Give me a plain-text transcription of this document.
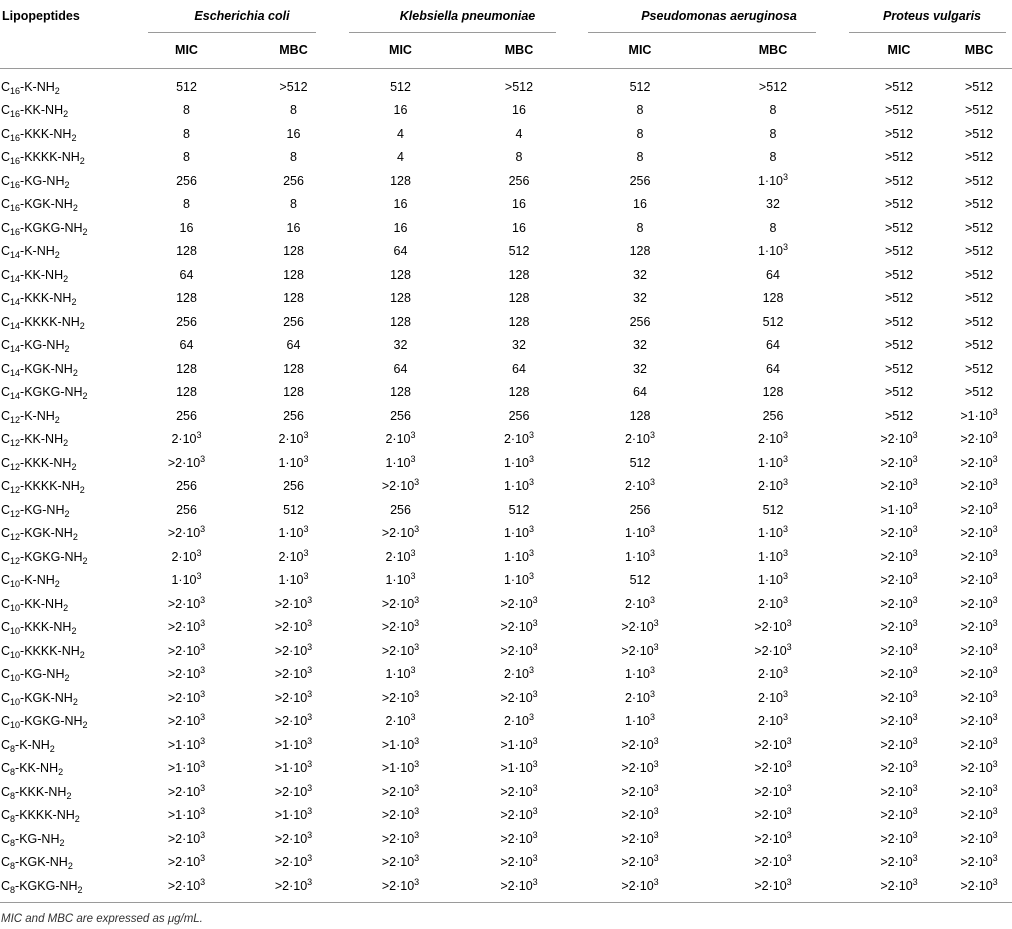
Lipopeptides	Escherichia coli		Klebsiella pneumoniae		Pseudomonas aeruginosa		Proteus vulgaris	
	MIC	MBC	MIC	MBC	MIC	MBC	MIC	MBC
$C_{16}-K-NH_2$	512	>512	512	>512	512	>512	>512	>512
$C_{16}-KK-NH_2$	8	8	16	16	8	8	>512	>512
$C_{16}-KKK-NH_2$	8	16	4	4	8	8	>512	>512
$C_{16}-KKKK-NH_2$	8	8	4	8	8	8	>512	>512
$C_{16}-KG-NH_2$	256	256	128	256	256	$1\cdot 10^3$	>512	>512
$C_{16}-KGK-NH_2$	8	8	16	16	16	32	>512	>512
$C_{16}-KGKG-NH_2$	16	16	16	16	8	8	>512	>512
$C_{14}-K-NH_2$	128	128	64	512	128	$1\cdot 10^3$	>512	>512
$C_{14}-KK-NH_2$	64	128	128	128	32	64	>512	>512
$C_{14}-KKK-NH_2$	128	128	128	128	32	128	>512	>512
$C_{14}-KKKK-NH_2$	256	256	128	128	256	512	>512	>512
$C_{14}-KG-NH_2$	64	64	32	32	32	64	>512	>512
$C_{14}-KGK-NH_2$	128	128	64	64	32	64	>512	>512
$C_{14}-KGKG-NH_2$	128	128	128	128	64	128	>512	>512
$C_{12}-K-NH_2$	256	256	256	256	128	256	>512	$>1\cdot 10^3$
$C_{12}-KK-NH_2$	$2\cdot 10^3$	$2\cdot 10^3$	$2\cdot 10^3$	$2\cdot 10^3$	$2\cdot 10^3$	$2\cdot 10^3$	$>2\cdot 10^3$	$>2\cdot 10^3$
$C_{12}-KKK-NH_2$	$>2\cdot 10^3$	$1\cdot 10^3$	$1\cdot 10^3$	$1\cdot 10^3$	512	$1\cdot 10^3$	$>2\cdot 10^3$	$>2\cdot 10^3$
$C_{12}-KKKK-NH_2$	256	256	$>2\cdot 10^3$	$1\cdot 10^3$	$2\cdot 10^3$	$2\cdot 10^3$	$>2\cdot 10^3$	$>2\cdot 10^3$
$C_{12}-KG-NH_2$	256	512	256	512	256	512	$>1\cdot 10^3$	$>2\cdot 10^3$
$C_{12}-KGK-NH_2$	$>2\cdot 10^3$	$1\cdot 10^3$	$>2\cdot 10^3$	$1\cdot 10^3$	$1\cdot 10^3$	$1\cdot 10^3$	$>2\cdot 10^3$	$>2\cdot 10^3$
$C_{12}-KGKG-NH_2$	$2\cdot 10^3$	$2\cdot 10^3$	$2\cdot 10^3$	$1\cdot 10^3$	$1\cdot 10^3$	$1\cdot 10^3$	$>2\cdot 10^3$	$>2\cdot 10^3$
$C_{10}-K-NH_2$	$1\cdot 10^3$	$1\cdot 10^3$	$1\cdot 10^3$	$1\cdot 10^3$	512	$1\cdot 10^3$	$>2\cdot 10^3$	$>2\cdot 10^3$
$C_{10}-KK-NH_2$	$>2\cdot 10^3$	$>2\cdot 10^3$	$>2\cdot 10^3$	$>2\cdot 10^3$	$2\cdot 10^3$	$2\cdot 10^3$	$>2\cdot 10^3$	$>2\cdot 10^3$
$C_{10}-KKK-NH_2$	$>2\cdot 10^3$	$>2\cdot 10^3$	$>2\cdot 10^3$	$>2\cdot 10^3$	$>2\cdot 10^3$	$>2\cdot 10^3$	$>2\cdot 10^3$	$>2\cdot 10^3$
$C_{10}-KKKK-NH_2$	$>2\cdot 10^3$	$>2\cdot 10^3$	$>2\cdot 10^3$	$>2\cdot 10^3$	$>2\cdot 10^3$	$>2\cdot 10^3$	$>2\cdot 10^3$	$>2\cdot 10^3$
$C_{10}-KG-NH_2$	$>2\cdot 10^3$	$>2\cdot 10^3$	$1\cdot 10^3$	$2\cdot 10^3$	$1\cdot 10^3$	$2\cdot 10^3$	$>2\cdot 10^3$	$>2\cdot 10^3$
$C_{10}-KGK-NH_2$	$>2\cdot 10^3$	$>2\cdot 10^3$	$>2\cdot 10^3$	$>2\cdot 10^3$	$2\cdot 10^3$	$2\cdot 10^3$	$>2\cdot 10^3$	$>2\cdot 10^3$
$C_{10}-KGKG-NH_2$	$>2\cdot 10^3$	$>2\cdot 10^3$	$2\cdot 10^3$	$2\cdot 10^3$	$1\cdot 10^3$	$2\cdot 10^3$	$>2\cdot 10^3$	$>2\cdot 10^3$
$C_8-K-NH_2$	$>1\cdot 10^3$	$>1\cdot 10^3$	$>1\cdot 10^3$	$>1\cdot 10^3$	$>2\cdot 10^3$	$>2\cdot 10^3$	$>2\cdot 10^3$	$>2\cdot 10^3$
$C_8-KK-NH_2$	$>1\cdot 10^3$	$>1\cdot 10^3$	$>1\cdot 10^3$	$>1\cdot 10^3$	$>2\cdot 10^3$	$>2\cdot 10^3$	$>2\cdot 10^3$	$>2\cdot 10^3$
$C_8-KKK-NH_2$	$>2\cdot 10^3$	$>2\cdot 10^3$	$>2\cdot 10^3$	$>2\cdot 10^3$	$>2\cdot 10^3$	$>2\cdot 10^3$	$>2\cdot 10^3$	$>2\cdot 10^3$
$C_8-KKKK-NH_2$	$>1\cdot 10^3$	$>1\cdot 10^3$	$>2\cdot 10^3$	$>2\cdot 10^3$	$>2\cdot 10^3$	$>2\cdot 10^3$	$>2\cdot 10^3$	$>2\cdot 10^3$
$C_8-KG-NH_2$	$>2\cdot 10^3$	$>2\cdot 10^3$	$>2\cdot 10^3$	$>2\cdot 10^3$	$>2\cdot 10^3$	$>2\cdot 10^3$	$>2\cdot 10^3$	$>2\cdot 10^3$
$C_8-KGK-NH_2$	$>2\cdot 10^3$	$>2\cdot 10^3$	$>2\cdot 10^3$	$>2\cdot 10^3$	$>2\cdot 10^3$	$>2\cdot 10^3$	$>2\cdot 10^3$	$>2\cdot 10^3$
$C_8-KGKG-NH_2$	$>2\cdot 10^3$	$>2\cdot 10^3$	$>2\cdot 10^3$	$>2\cdot 10^3$	$>2\cdot 10^3$	$>2\cdot 10^3$	$>2\cdot 10^3$	$>2\cdot 10^3$
MIC and MBC are expressed as μg/mL.
